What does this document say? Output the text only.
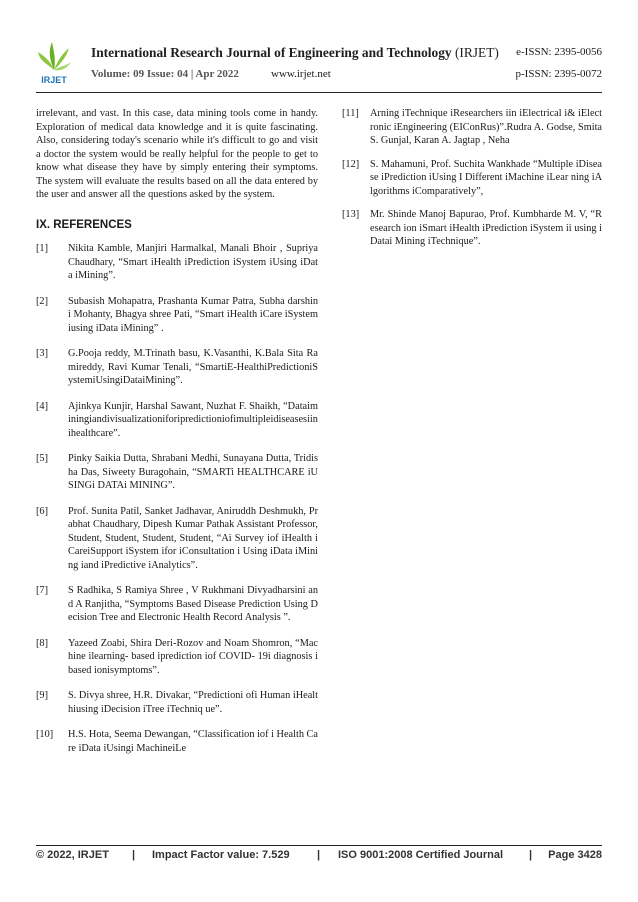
IRJET
International Research Journal of Engineering and Technology (IRJET) e-ISSN: 2395-0056
Volume: 09 Issue: 04 | Apr 2022	www.irjet.net	p-ISSN: 2395-0072

irrelevant, and vast. In this case, data mining tools come in handy. Exploration of medical data knowledge and it is quite fascinating. Also, considering today's scenario while it's difficult to go and visit a doctor the system would be really helpful for the people to get to know what disease they have by simply entering their symptoms. The system will evaluate the results based on all the data entered by the user and answer all the questions asked by the system.

IX. REFERENCES
[1] Nikita Kamble, Manjiri Harmalkal, Manali Bhoir , Supriya Chaudhary, “Smart iHealth iPrediction iSystem iUsing iData iMining”.
[2] Subasish Mohapatra, Prashanta Kumar Patra, Subha darshini Mohanty, Bhagya shree Pati, “Smart iHealth iCare iSystem iusing iData iMining” .
[3] G.Pooja reddy, M.Trinath basu, K.Vasanthi, K.Bala Sita Ramireddy, Ravi Kumar Tenali, “SmartiE-HealthiPredictioniSystemiUsingiDataiMining”.
[4] Ajinkya Kunjir, Harshal Sawant, Nuzhat F. Shaikh, “Dataiminingiandivisualizationiforipredictioniofimultipleidiseasesiinihealthcare”.
[5] Pinky Saikia Dutta, Shrabani Medhi, Sunayana Dutta, Tridisha Das, Siweety Buragohain, “SMARTi HEALTHCARE iUSINGi DATAi MINING”.
[6] Prof. Sunita Patil, Sanket Jadhavar, Aniruddh Deshmukh, Prabhat Chaudhary, Dipesh Kumar Pathak Assistant Professor, Student, Student, Student, Student, “Ai Survey iof iHealth iCareiSupport iSystem ifor iConsultation i Using iData iMining iand iPredictive iAnalytics”.
[7] S Radhika, S Ramiya Shree , V Rukhmani Divyadharsini and A Ranjitha, “Symptoms Based Disease Prediction Using Decision Tree and Electronic Health Record Analysis ”.
[8] Yazeed Zoabi, Shira Deri-Rozov and Noam Shomron, “Machine ilearning- based iprediction iof COVID- 19i diagnosis ibased ionisymptoms”.
[9] S. Divya shree, H.R. Divakar, “Predictioni ofi Human iHealthiusing iDecision iTree iTechniq ue”.
[10] H.S. Hota, Seema Dewangan, “Classification iof i Health Care iData iUsingi MachineiLe
[11] Arning iTechnique iResearchers iin iElectrical i& iElectronic iEngineering (EIConRus)”.Rudra A. Godse, Smita S. Gunjal, Karan A. Jagtap , Neha
[12] S. Mahamuni, Prof. Suchita Wankhade “Multiple iDisease iPrediction iUsing I Different iMachine iLear ning iAlgorithms iComparatively”,
[13] Mr. Shinde Manoj Bapurao, Prof. Kumbharde M. V, “Research ion iSmart iHealth iPrediction iSystem ii using iDatai Mining iTechnique”.
© 2022, IRJET | Impact Factor value: 7.529 | ISO 9001:2008 Certified Journal | Page 3428
